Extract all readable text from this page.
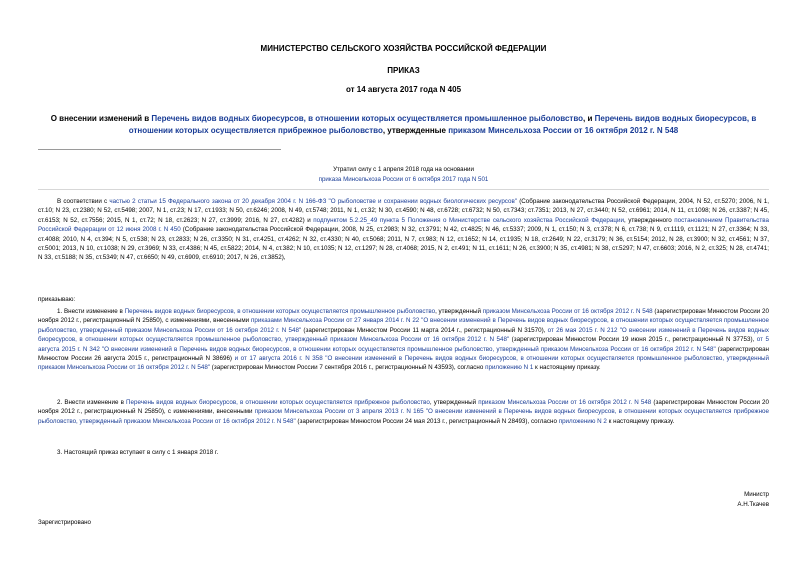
МИНИСТЕРСТВО СЕЛЬСКОГО ХОЗЯЙСТВА РОССИЙСКОЙ ФЕДЕРАЦИИ
ПРИКАЗ
от 14 августа 2017 года N 405
О внесении изменений в Перечень видов водных биоресурсов, в отношении которых осуществляется промышленное рыболовство, и Перечень видов водных биоресурсов, в отношении которых осуществляется прибрежное рыболовство, утвержденные приказом Минсельхоза России от 16 октября 2012 г. N 548
Утратил силу с 1 апреля 2018 года на основании
приказа Минсельхоза России от 6 октября 2017 года N 501
В соответствии с частью 2 статьи 15 Федерального закона от 20 декабря 2004 г. N 166-ФЗ "О рыболовстве и сохранении водных биологических ресурсов" (Собрание законодательства Российской Федерации, 2004, N 52, ст.5270; 2006, N 1, ст.10; N 23, ст.2380; N 52, ст.5498; 2007, N 1, ст.23; N 17, ст.1933; N 50, ст.6246; 2008, N 49, ст.5748; 2011, N 1, ст.32; N 30, ст.4590; N 48, ст.6728; ст.6732; N 50, ст.7343; ст.7351; 2013, N 27, ст.3440; N 52, ст.6961; 2014, N 11, ст.1098; N 26, ст.3387; N 45, ст.6153; N 52, ст.7556; 2015, N 1, ст.72; N 18, ст.2623; N 27, ст.3999; 2016, N 27, ст.4282) и подпунктом 5.2.25_49 пункта 5 Положения о Министерстве сельского хозяйства Российской Федерации, утвержденного постановлением Правительства Российской Федерации от 12 июня 2008 г. N 450 (Собрание законодательства Российской Федерации, 2008, N 25, ст.2983; N 32, ст.3791; N 42, ст.4825; N 46, ст.5337; 2009, N 1, ст.150; N 3, ст.378; N 6, ст.738; N 9, ст.1119, ст.1121; N 27, ст.3364; N 33, ст.4088; 2010, N 4, ст.394; N 5, ст.538; N 23, ст.2833; N 26, ст.3350; N 31, ст.4251, ст.4262; N 32, ст.4330; N 40, ст.5068; 2011, N 7, ст.983; N 12, ст.1652; N 14, ст.1935; N 18, ст.2649; N 22, ст.3179; N 36, ст.5154; 2012, N 28, ст.3900; N 32, ст.4561; N 37, ст.5001; 2013, N 10, ст.1038; N 29, ст.3969; N 33, ст.4386; N 45, ст.5822; 2014, N 4, ст.382; N 10, ст.1035; N 12, ст.1297; N 28, ст.4068; 2015, N 2, ст.491; N 11, ст.1611; N 26, ст.3900; N 35, ст.4981; N 38, ст.5297; N 47, ст.6603; 2016, N 2, ст.325; N 28, ст.4741; N 33, ст.5188; N 35, ст.5349; N 47, ст.6650; N 49, ст.6909, ст.6910; 2017, N 26, ст.3852),
приказываю:
1. Внести изменение в Перечень видов водных биоресурсов, в отношении которых осуществляется промышленное рыболовство, утвержденный приказом Минсельхоза России от 16 октября 2012 г. N 548 (зарегистрирован Минюстом России 20 ноября 2012 г., регистрационный N 25850), с изменениями, внесенными приказами Минсельхоза России от 27 января 2014 г. N 22 "О внесении изменений в Перечень видов водных биоресурсов, в отношении которых осуществляется промышленное рыболовство, утвержденный приказом Минсельхоза России от 16 октября 2012 г. N 548" (зарегистрирован Минюстом России 11 марта 2014 г., регистрационный N 31570), от 26 мая 2015 г. N 212 "О внесении изменений в Перечень видов водных биоресурсов, в отношении которых осуществляется промышленное рыболовство, утвержденный приказом Минсельхоза России от 16 октября 2012 г. N 548" (зарегистрирован Минюстом России 19 июня 2015 г., регистрационный N 37753), от 5 августа 2015 г. N 342 "О внесении изменений в Перечень видов водных биоресурсов, в отношении которых осуществляется промышленное рыболовство, утвержденный приказом Минсельхоза России от 16 октября 2012 г. N 548" (зарегистрирован Минюстом России 26 августа 2015 г., регистрационный N 38696) и от 17 августа 2016 г. N 358 "О внесении изменений в Перечень видов водных биоресурсов, в отношении которых осуществляется промышленное рыболовство, утвержденный приказом Минсельхоза России от 16 октября 2012 г. N 548" (зарегистрирован Минюстом России 7 сентября 2016 г., регистрационный N 43593), согласно приложению N 1 к настоящему приказу.
2. Внести изменение в Перечень видов водных биоресурсов, в отношении которых осуществляется прибрежное рыболовство, утвержденный приказом Минсельхоза России от 16 октября 2012 г. N 548 (зарегистрирован Минюстом России 20 ноября 2012 г., регистрационный N 25850), с изменениями, внесенными приказом Минсельхоза России от 3 апреля 2013 г. N 165 "О внесении изменений в Перечень видов водных биоресурсов, в отношении которых осуществляется прибрежное рыболовство, утвержденный приказом Минсельхоза России от 16 октября 2012 г. N 548" (зарегистрирован Минюстом России 24 мая 2013 г., регистрационный N 28493), согласно приложению N 2 к настоящему приказу.
3. Настоящий приказ вступает в силу с 1 января 2018 г.
Министр
А.Н.Ткачев
Зарегистрировано
